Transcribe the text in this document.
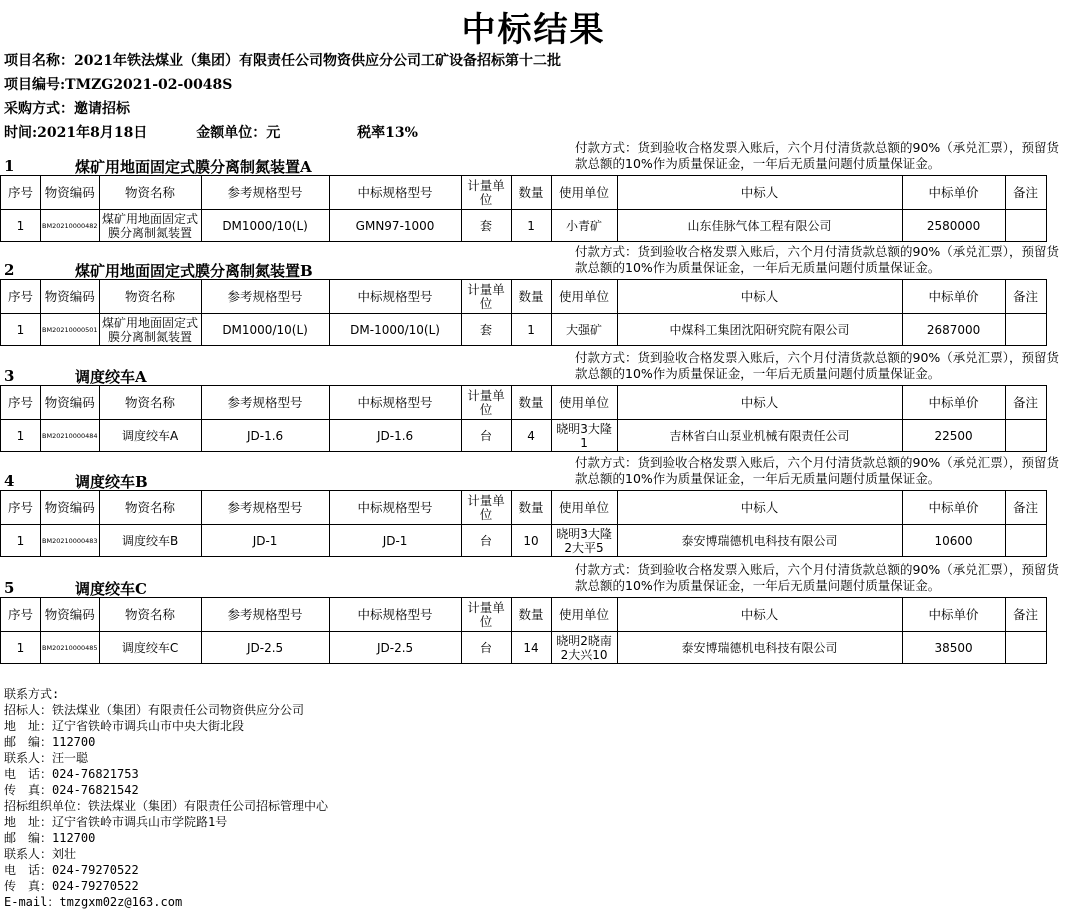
中标结果
项目名称：2021年铁法煤业（集团）有限责任公司物资供应分公司工矿设备招标第十二批
项目编号:TMZG2021-02-0048S
采购方式：邀请招标
时间:2021年8月18日	金额单位：元	税率13%
付款方式：货到验收合格发票入账后，六个月付清货款总额的90%（承兑汇票），预留货款总额的10%作为质量保证金，一年后无质量问题付质量保证金。
1	煤矿用地面固定式膜分离制氮装置A
序号	物资编码	物资名称	参考规格型号	中标规格型号	计量单位	数量	使用单位	中标人	中标单价	备注
1	BM20210000482	煤矿用地面固定式膜分离制氮装置	DM1000/10(L)	GMN97-1000	套	1	小青矿	山东佳脉气体工程有限公司	2580000	
付款方式：货到验收合格发票入账后，六个月付清货款总额的90%（承兑汇票），预留货款总额的10%作为质量保证金，一年后无质量问题付质量保证金。
2	煤矿用地面固定式膜分离制氮装置B
序号	物资编码	物资名称	参考规格型号	中标规格型号	计量单位	数量	使用单位	中标人	中标单价	备注
1	BM20210000501	煤矿用地面固定式膜分离制氮装置	DM1000/10(L)	DM-1000/10(L)	套	1	大强矿	中煤科工集团沈阳研究院有限公司	2687000	
付款方式：货到验收合格发票入账后，六个月付清货款总额的90%（承兑汇票），预留货款总额的10%作为质量保证金，一年后无质量问题付质量保证金。
3	调度绞车A
序号	物资编码	物资名称	参考规格型号	中标规格型号	计量单位	数量	使用单位	中标人	中标单价	备注
1	BM20210000484	调度绞车A	JD-1.6	JD-1.6	台	4	晓明3大隆1	吉林省白山泵业机械有限责任公司	22500	
付款方式：货到验收合格发票入账后，六个月付清货款总额的90%（承兑汇票），预留货款总额的10%作为质量保证金，一年后无质量问题付质量保证金。
4	调度绞车B
序号	物资编码	物资名称	参考规格型号	中标规格型号	计量单位	数量	使用单位	中标人	中标单价	备注
1	BM20210000483	调度绞车B	JD-1	JD-1	台	10	晓明3大隆2大平5	泰安博瑞德机电科技有限公司	10600	
付款方式：货到验收合格发票入账后，六个月付清货款总额的90%（承兑汇票），预留货款总额的10%作为质量保证金，一年后无质量问题付质量保证金。
5	调度绞车C
序号	物资编码	物资名称	参考规格型号	中标规格型号	计量单位	数量	使用单位	中标人	中标单价	备注
1	BM20210000485	调度绞车C	JD-2.5	JD-2.5	台	14	晓明2晓南2大兴10	泰安博瑞德机电科技有限公司	38500	
联系方式:
招标人：铁法煤业（集团）有限责任公司物资供应分公司
地　址：辽宁省铁岭市调兵山市中央大街北段
邮　编：112700
联系人：汪一聪
电　话：024-76821753
传　真：024-76821542
招标组织单位：铁法煤业（集团）有限责任公司招标管理中心
地　址：辽宁省铁岭市调兵山市学院路1号
邮　编：112700
联系人：刘壮
电　话：024-79270522
传　真：024-79270522
E-mail：tmzgxm02z@163.com
